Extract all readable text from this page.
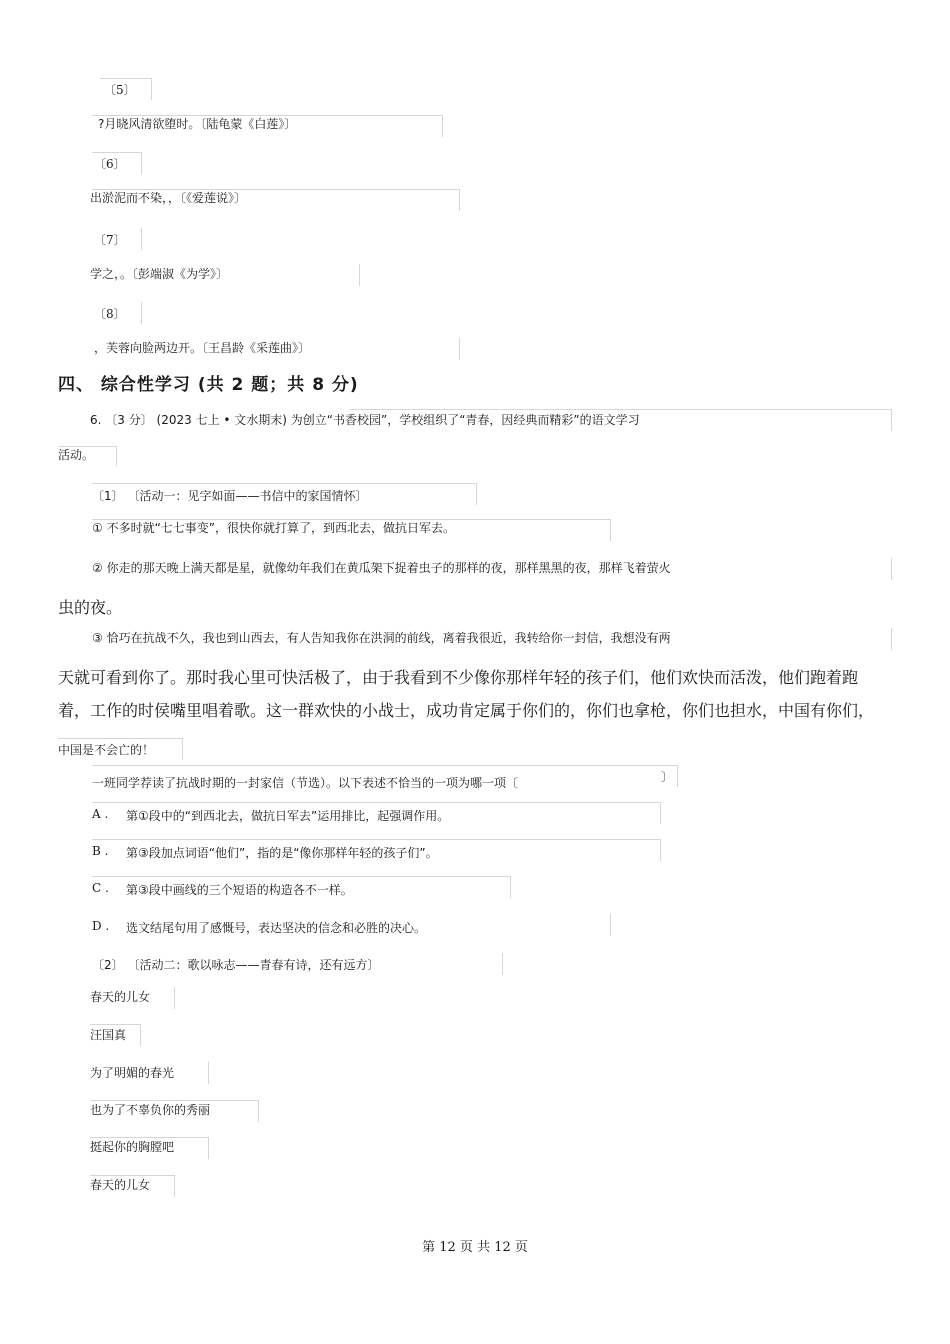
〔5〕
?月晓风清欲堕时。〔陆龟蒙《白莲》〕
〔6〕
出淤泥而不染，，〔《爱莲说》〕
〔7〕
学之，。〔彭端淑《为学》〕
〔8〕
，芙蓉向脸两边开。〔王昌龄《采莲曲》〕
四、 综合性学习 (共 2 题；共 8 分)
6. 〔3 分〕 (2023 七上 • 文水期末) 为创立“书香校园”，学校组织了“青春，因经典而精彩”的语文学习
活动。
〔1〕 〔活动一：见字如面——书信中的家国情怀〕
① 不多时就“七七事变”，很快你就打算了，到西北去，做抗日军去。
② 你走的那天晚上满天都是星，就像幼年我们在黄瓜架下捉着虫子的那样的夜，那样黑黑的夜，那样飞着萤火
虫的夜。
③ 恰巧在抗战不久，我也到山西去，有人告知我你在洪洞的前线，离着我很近，我转给你一封信，我想没有两
天就可看到你了。那时我心里可快活极了，由于我看到不少像你那样年轻的孩子们，他们欢快而活泼，他们跑着跑
着，工作的时侯嘴里唱着歌。这一群欢快的小战士，成功肯定属于你们的，你们也拿枪，你们也担水，中国有你们，
中国是不会亡的！
一班同学荐读了抗战时期的一封家信（节选）。以下表述不恰当的一项为哪一项〔	〕
A . 第①段中的“到西北去，做抗日军去”运用排比，起强调作用。
B . 第③段加点词语“他们”，指的是“像你那样年轻的孩子们”。
C . 第③段中画线的三个短语的构造各不一样。
D . 选文结尾句用了感慨号，表达坚决的信念和必胜的决心。
〔2〕 〔活动二：歌以咏志——青春有诗，还有远方〕
春天的儿女
汪国真
为了明媚的春光
也为了不辜负你的秀丽
挺起你的胸膛吧
春天的儿女
第 12 页 共 12 页
